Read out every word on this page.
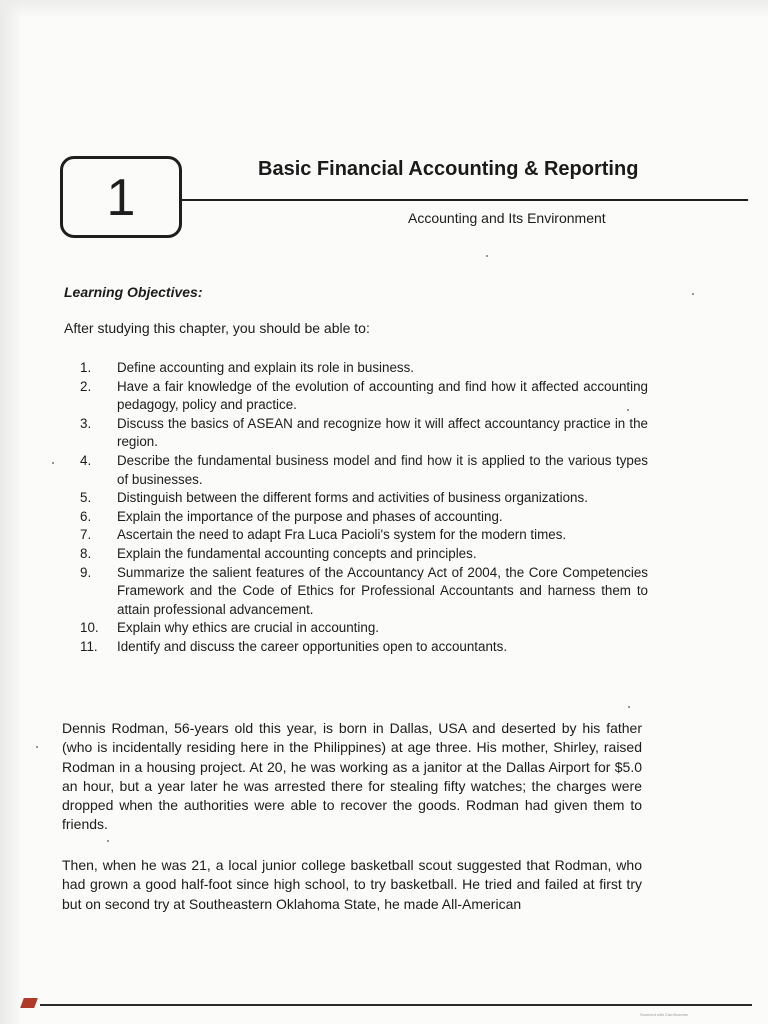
1	Basic Financial Accounting & Reporting
Accounting and Its Environment
Learning Objectives:
After studying this chapter, you should be able to:
1.	Define accounting and explain its role in business.
2.	Have a fair knowledge of the evolution of accounting and find how it affected accounting pedagogy, policy and practice.
3.	Discuss the basics of ASEAN and recognize how it will affect accountancy practice in the region.
4.	Describe the fundamental business model and find how it is applied to the various types of businesses.
5.	Distinguish between the different forms and activities of business organizations.
6.	Explain the importance of the purpose and phases of accounting.
7.	Ascertain the need to adapt Fra Luca Pacioli's system for the modern times.
8.	Explain the fundamental accounting concepts and principles.
9.	Summarize the salient features of the Accountancy Act of 2004, the Core Competencies Framework and the Code of Ethics for Professional Accountants and harness them to attain professional advancement.
10.	Explain why ethics are crucial in accounting.
11.	Identify and discuss the career opportunities open to accountants.

Dennis Rodman, 56-years old this year, is born in Dallas, USA and deserted by his father (who is incidentally residing here in the Philippines) at age three. His mother, Shirley, raised Rodman in a housing project. At 20, he was working as a janitor at the Dallas Airport for $5.0 an hour, but a year later he was arrested there for stealing fifty watches; the charges were dropped when the authorities were able to recover the goods. Rodman had given them to friends.

Then, when he was 21, a local junior college basketball scout suggested that Rodman, who had grown a good half-foot since high school, to try basketball. He tried and failed at first try but on second try at Southeastern Oklahoma State, he made All-American

Scanned with CamScanner
